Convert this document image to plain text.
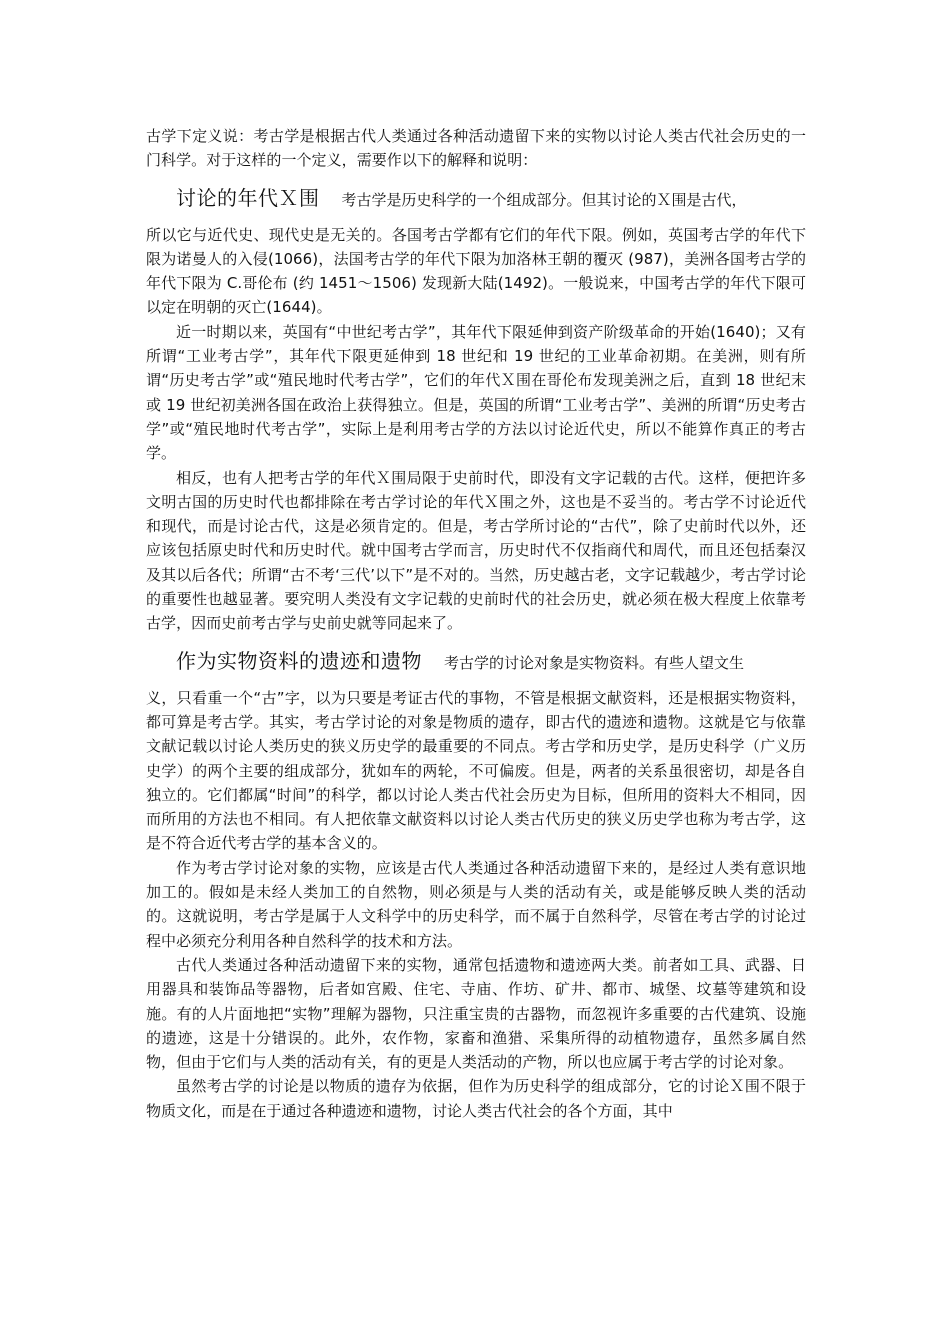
古学下定义说：考古学是根据古代人类通过各种活动遗留下来的实物以讨论人类古代社会历史的一门科学。对于这样的一个定义，需要作以下的解释和说明：

讨论的年代Ｘ围 考古学是历史科学的一个组成部分。但其讨论的Ｘ围是古代，

所以它与近代史、现代史是无关的。各国考古学都有它们的年代下限。例如，英国考古学的年代下限为诺曼人的入侵(1066)，法国考古学的年代下限为加洛林王朝的覆灭 (987)，美洲各国考古学的年代下限为 C.哥伦布 (约 1451～1506) 发现新大陆(1492)。一般说来，中国考古学的年代下限可以定在明朝的灭亡(1644)。

近一时期以来，英国有“中世纪考古学”，其年代下限延伸到资产阶级革命的开始(1640)；又有所谓“工业考古学”，其年代下限更延伸到 18 世纪和 19 世纪的工业革命初期。在美洲，则有所谓“历史考古学”或“殖民地时代考古学”，它们的年代Ｘ围在哥伦布发现美洲之后，直到 18 世纪末或 19 世纪初美洲各国在政治上获得独立。但是，英国的所谓“工业考古学”、美洲的所谓“历史考古学”或“殖民地时代考古学”，实际上是利用考古学的方法以讨论近代史，所以不能算作真正的考古学。

相反，也有人把考古学的年代Ｘ围局限于史前时代，即没有文字记载的古代。这样，便把许多文明古国的历史时代也都排除在考古学讨论的年代Ｘ围之外，这也是不妥当的。考古学不讨论近代和现代，而是讨论古代，这是必须肯定的。但是，考古学所讨论的“古代”，除了史前时代以外，还应该包括原史时代和历史时代。就中国考古学而言，历史时代不仅指商代和周代，而且还包括秦汉及其以后各代；所谓“古不考‘三代’以下”是不对的。当然，历史越古老，文字记载越少，考古学讨论的重要性也越显著。要究明人类没有文字记载的史前时代的社会历史，就必须在极大程度上依靠考古学，因而史前考古学与史前史就等同起来了。

作为实物资料的遗迹和遗物 考古学的讨论对象是实物资料。有些人望文生

义，只看重一个“古”字，以为只要是考证古代的事物，不管是根据文献资料，还是根据实物资料，都可算是考古学。其实，考古学讨论的对象是物质的遗存，即古代的遗迹和遗物。这就是它与依靠文献记载以讨论人类历史的狭义历史学的最重要的不同点。考古学和历史学，是历史科学（广义历史学）的两个主要的组成部分，犹如车的两轮，不可偏废。但是，两者的关系虽很密切，却是各自独立的。它们都属“时间”的科学，都以讨论人类古代社会历史为目标，但所用的资料大不相同，因而所用的方法也不相同。有人把依靠文献资料以讨论人类古代历史的狭义历史学也称为考古学，这是不符合近代考古学的基本含义的。

作为考古学讨论对象的实物，应该是古代人类通过各种活动遗留下来的，是经过人类有意识地加工的。假如是未经人类加工的自然物，则必须是与人类的活动有关，或是能够反映人类的活动的。这就说明，考古学是属于人文科学中的历史科学，而不属于自然科学，尽管在考古学的讨论过程中必须充分利用各种自然科学的技术和方法。

古代人类通过各种活动遗留下来的实物，通常包括遗物和遗迹两大类。前者如工具、武器、日用器具和装饰品等器物，后者如宫殿、住宅、寺庙、作坊、矿井、都市、城堡、坟墓等建筑和设施。有的人片面地把“实物”理解为器物，只注重宝贵的古器物，而忽视许多重要的古代建筑、设施的遗迹，这是十分错误的。此外，农作物，家畜和渔猎、采集所得的动植物遗存，虽然多属自然物，但由于它们与人类的活动有关，有的更是人类活动的产物，所以也应属于考古学的讨论对象。

虽然考古学的讨论是以物质的遗存为依据，但作为历史科学的组成部分，它的讨论Ｘ围不限于物质文化，而是在于通过各种遗迹和遗物，讨论人类古代社会的各个方面，其中
